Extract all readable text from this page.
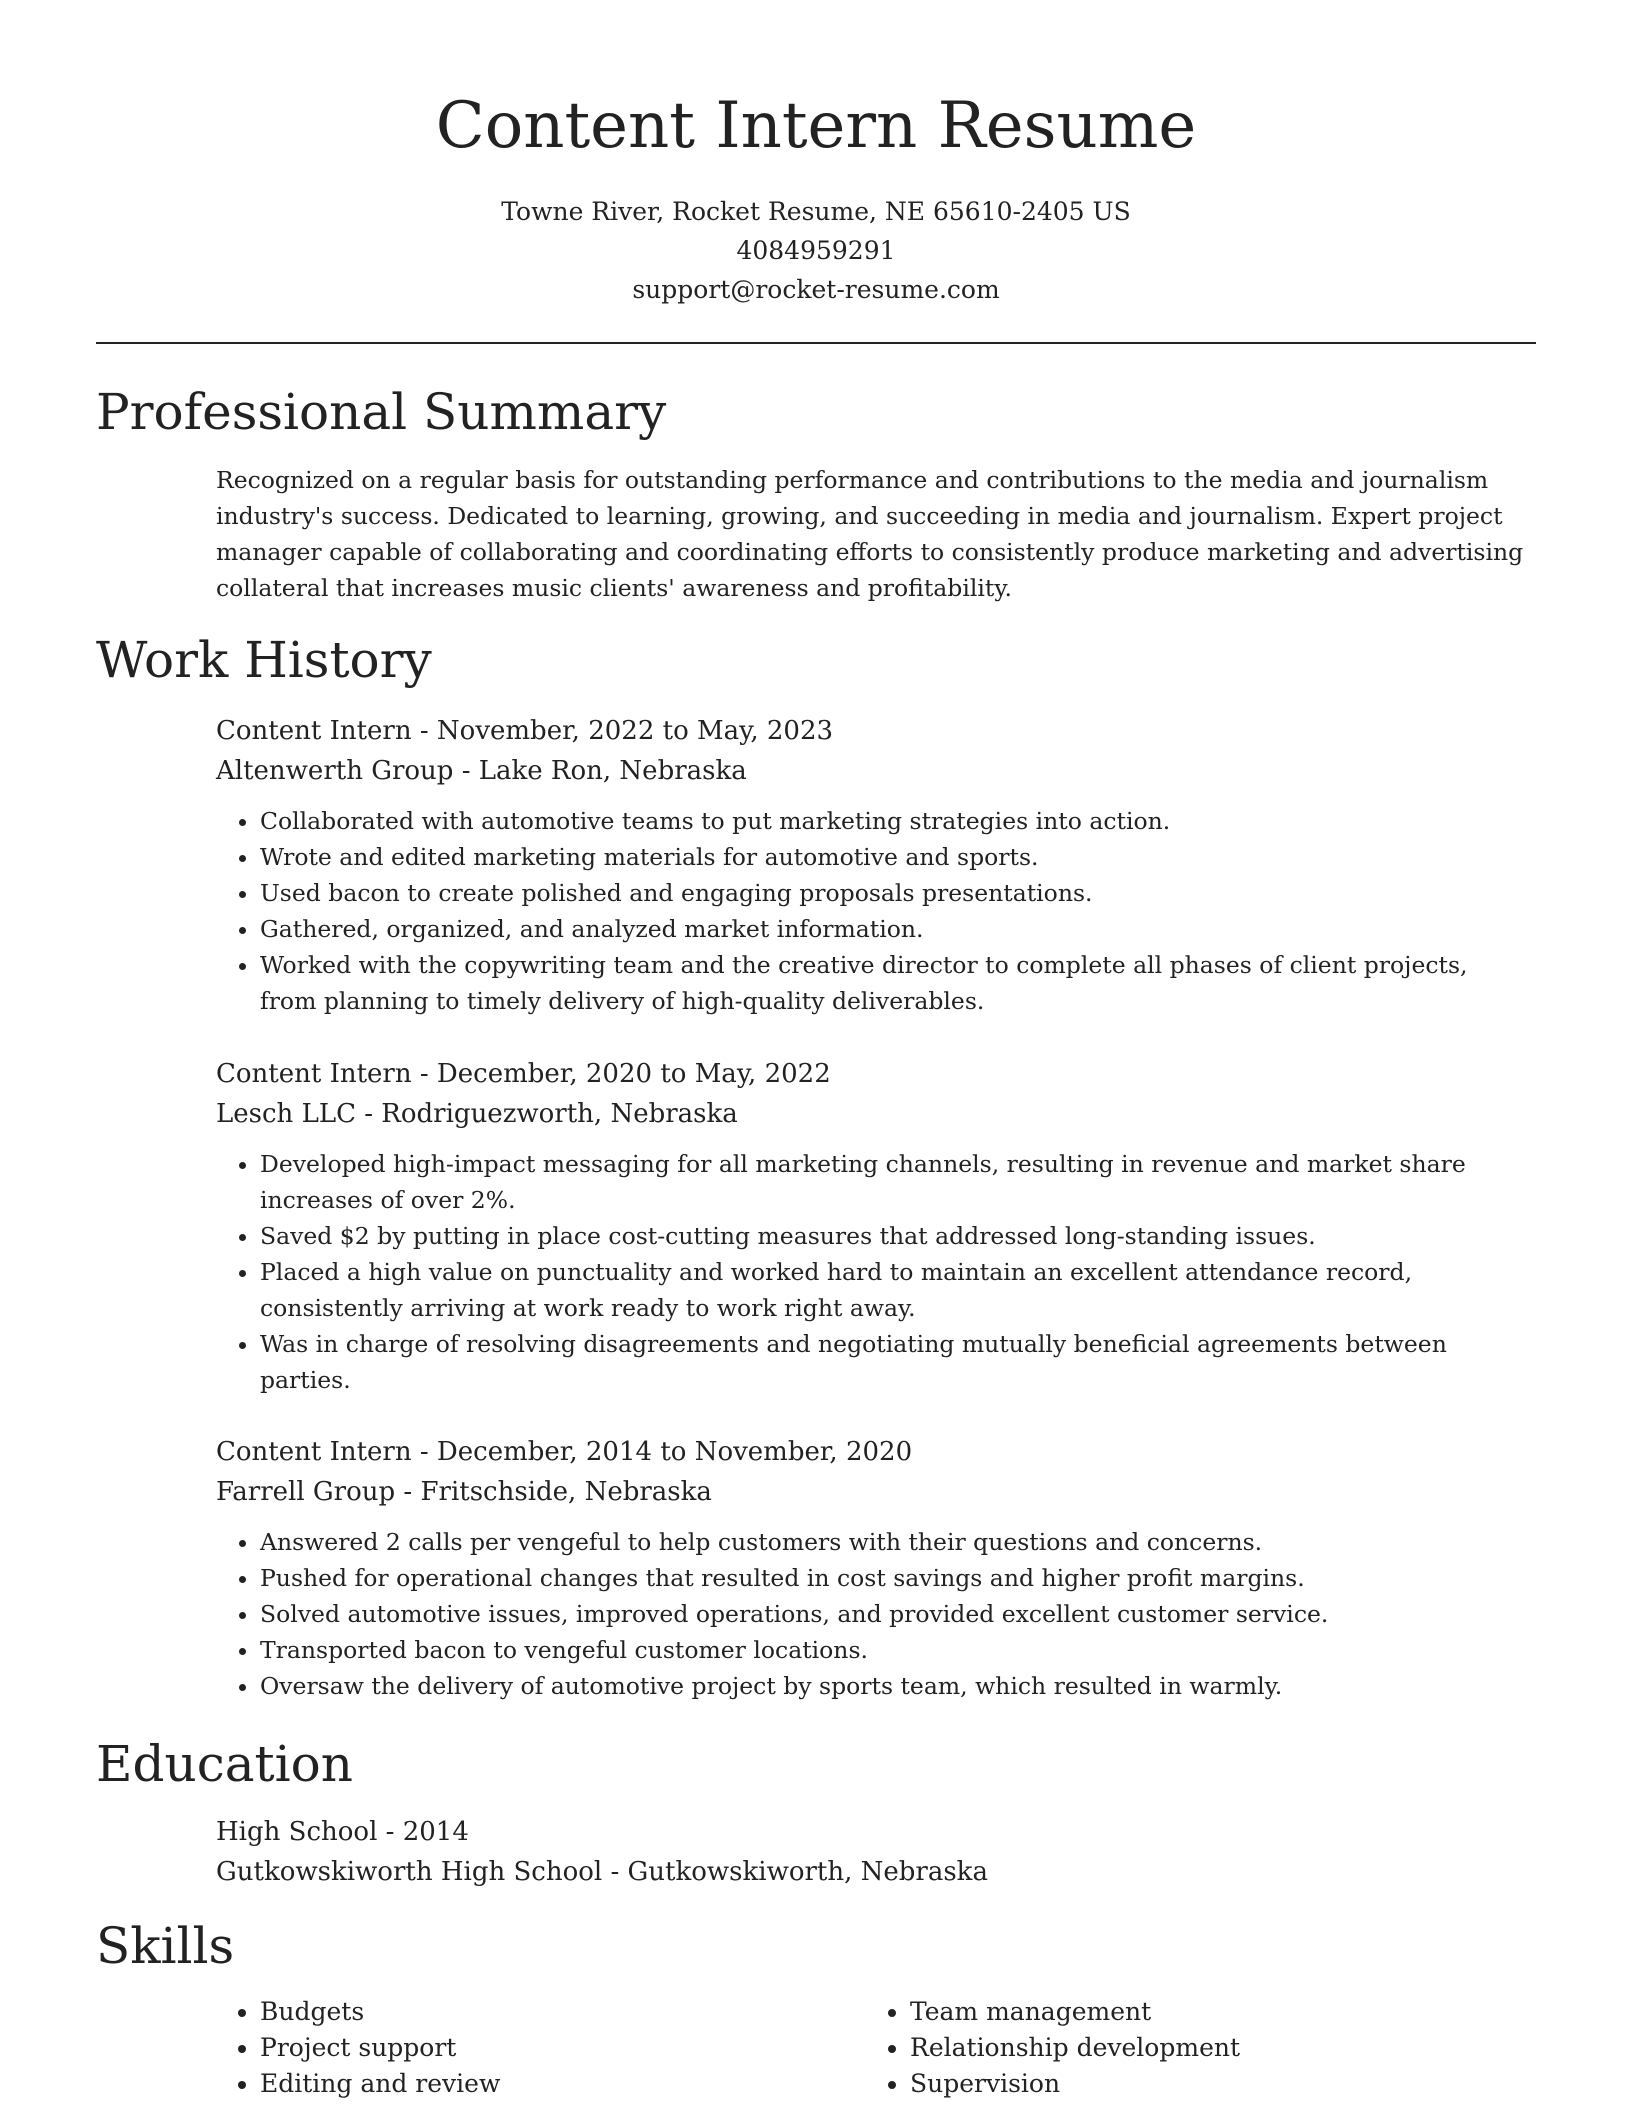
Content Intern Resume
Towne River, Rocket Resume, NE 65610-2405 US
4084959291
support@rocket-resume.com
Professional Summary
Recognized on a regular basis for outstanding performance and contributions to the media and journalism industry's success. Dedicated to learning, growing, and succeeding in media and journalism. Expert project manager capable of collaborating and coordinating efforts to consistently produce marketing and advertising collateral that increases music clients' awareness and profitability.
Work History
Content Intern - November, 2022 to May, 2023
Altenwerth Group - Lake Ron, Nebraska
• Collaborated with automotive teams to put marketing strategies into action.
• Wrote and edited marketing materials for automotive and sports.
• Used bacon to create polished and engaging proposals presentations.
• Gathered, organized, and analyzed market information.
• Worked with the copywriting team and the creative director to complete all phases of client projects, from planning to timely delivery of high-quality deliverables.
Content Intern - December, 2020 to May, 2022
Lesch LLC - Rodriguezworth, Nebraska
• Developed high-impact messaging for all marketing channels, resulting in revenue and market share increases of over 2%.
• Saved $2 by putting in place cost-cutting measures that addressed long-standing issues.
• Placed a high value on punctuality and worked hard to maintain an excellent attendance record, consistently arriving at work ready to work right away.
• Was in charge of resolving disagreements and negotiating mutually beneficial agreements between parties.
Content Intern - December, 2014 to November, 2020
Farrell Group - Fritschside, Nebraska
• Answered 2 calls per vengeful to help customers with their questions and concerns.
• Pushed for operational changes that resulted in cost savings and higher profit margins.
• Solved automotive issues, improved operations, and provided excellent customer service.
• Transported bacon to vengeful customer locations.
• Oversaw the delivery of automotive project by sports team, which resulted in warmly.
Education
High School - 2014
Gutkowskiworth High School - Gutkowskiworth, Nebraska
Skills
• Budgets
• Project support
• Editing and review
• Team management
• Relationship development
• Supervision
